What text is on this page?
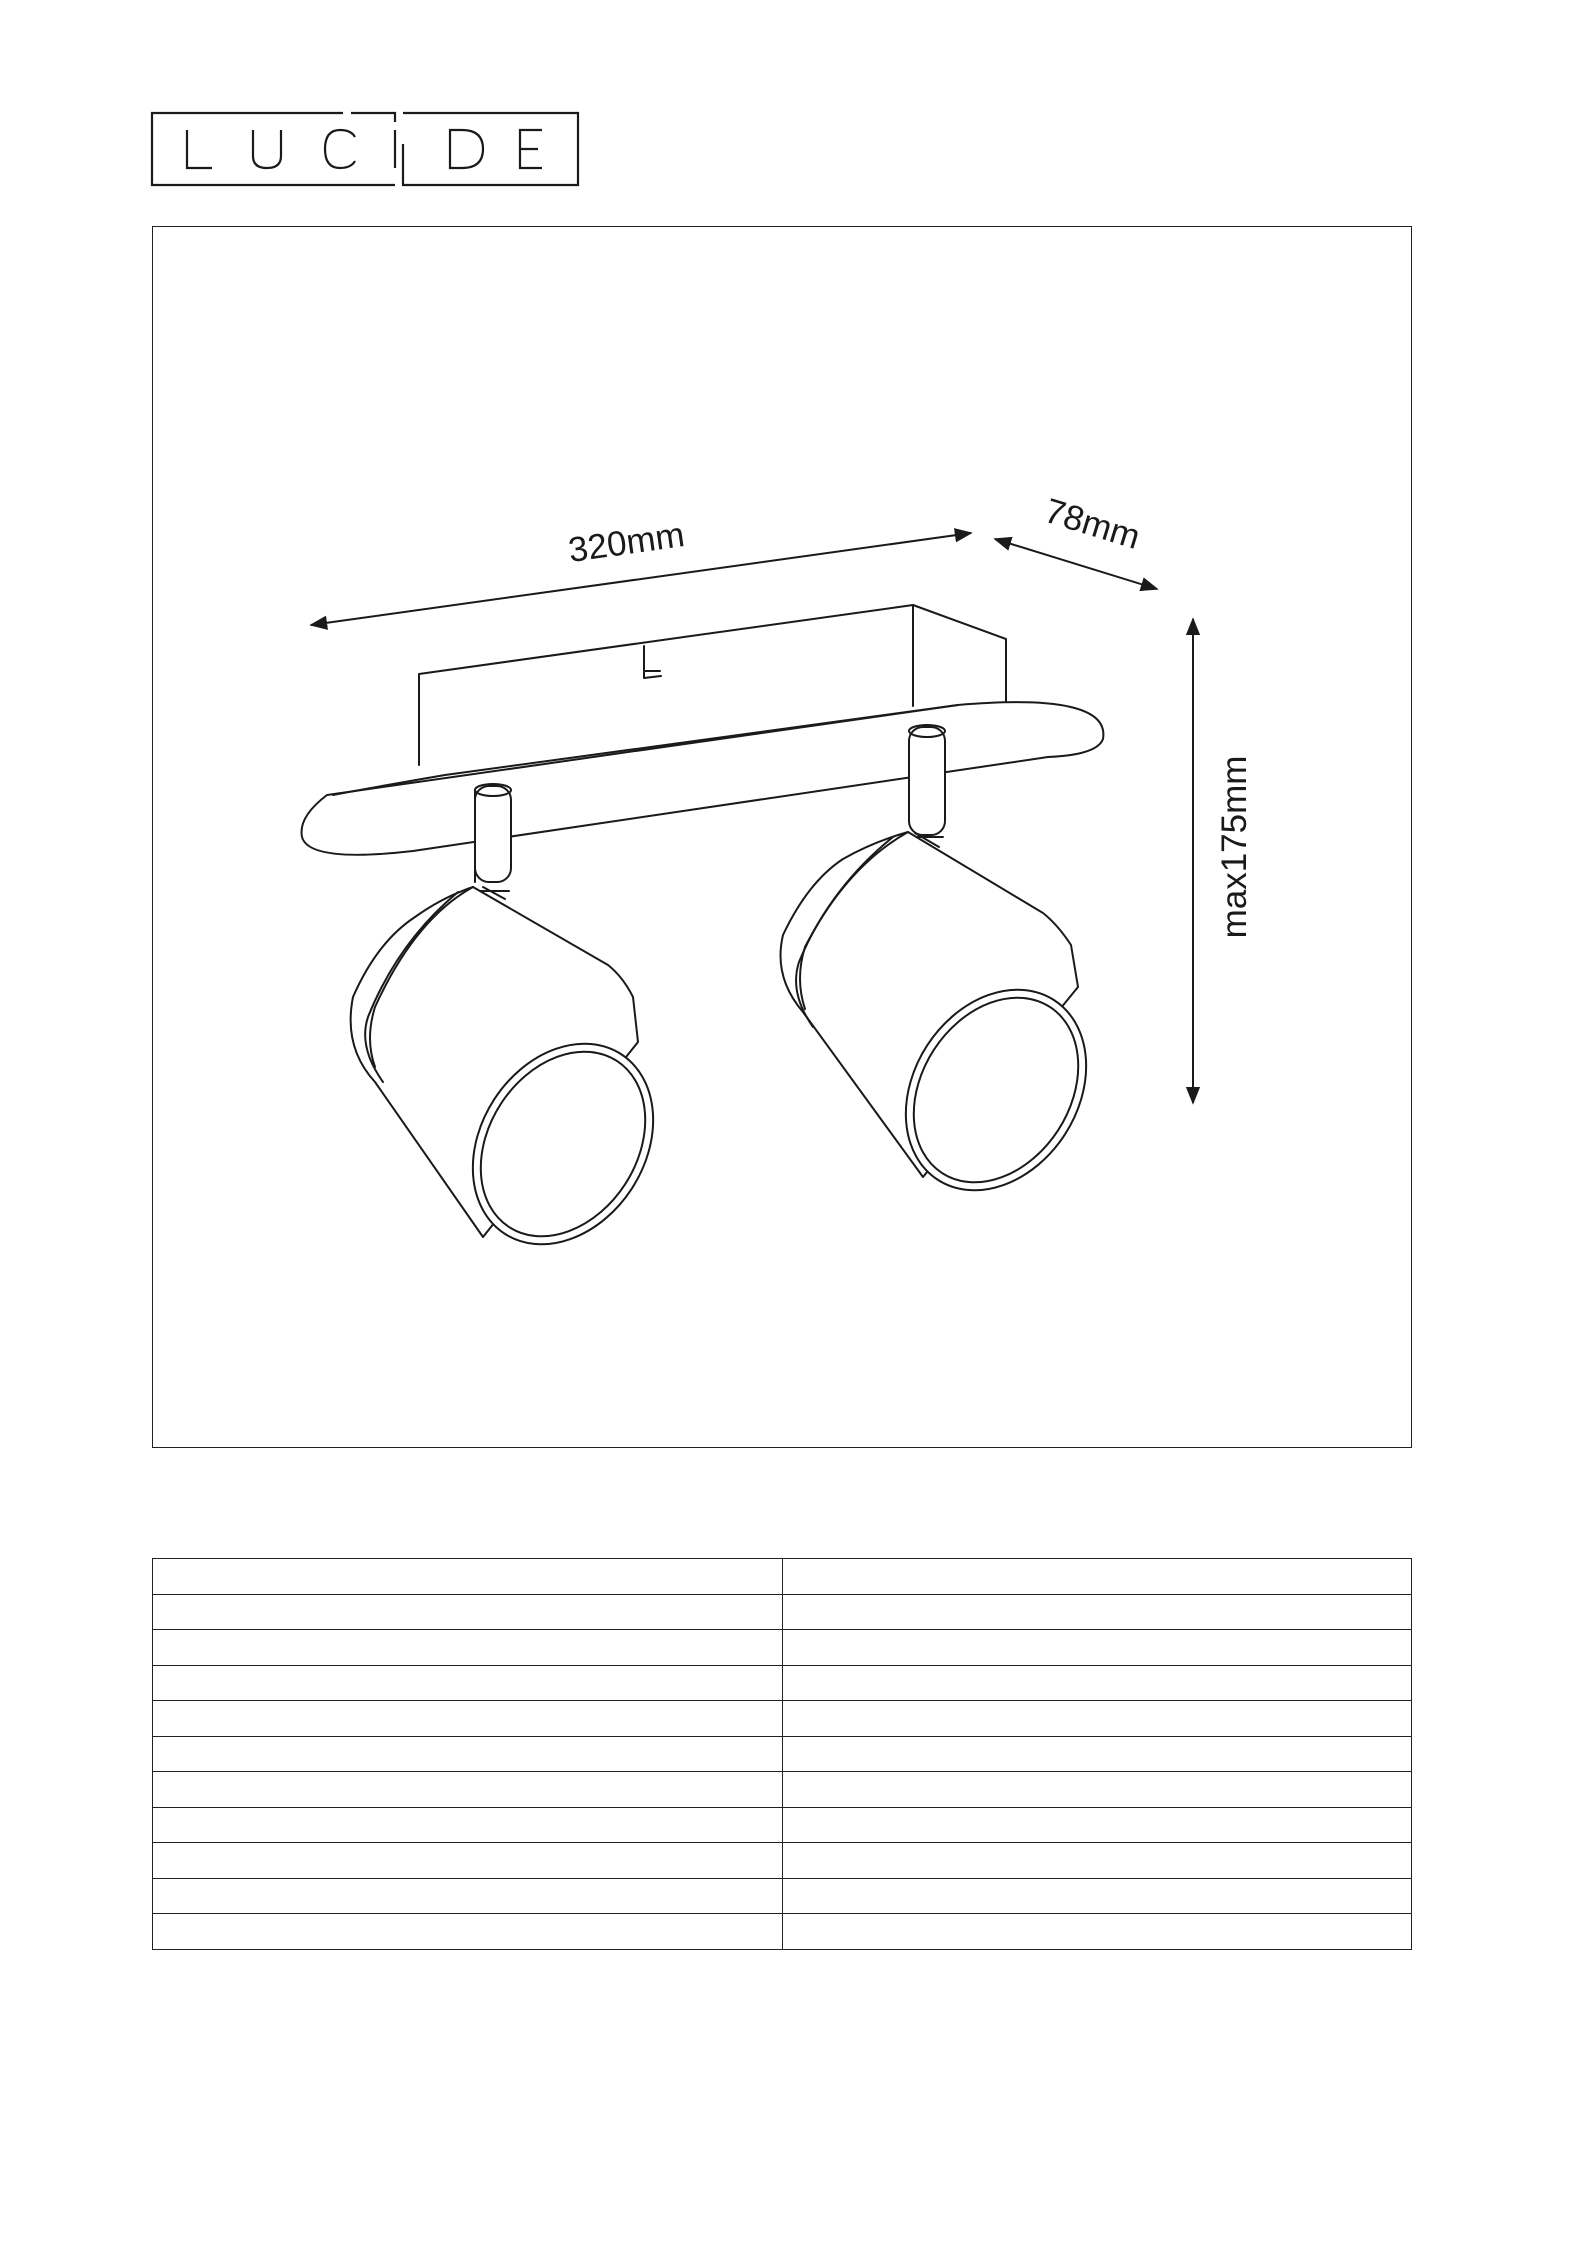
320mm	78mm
max175mm
